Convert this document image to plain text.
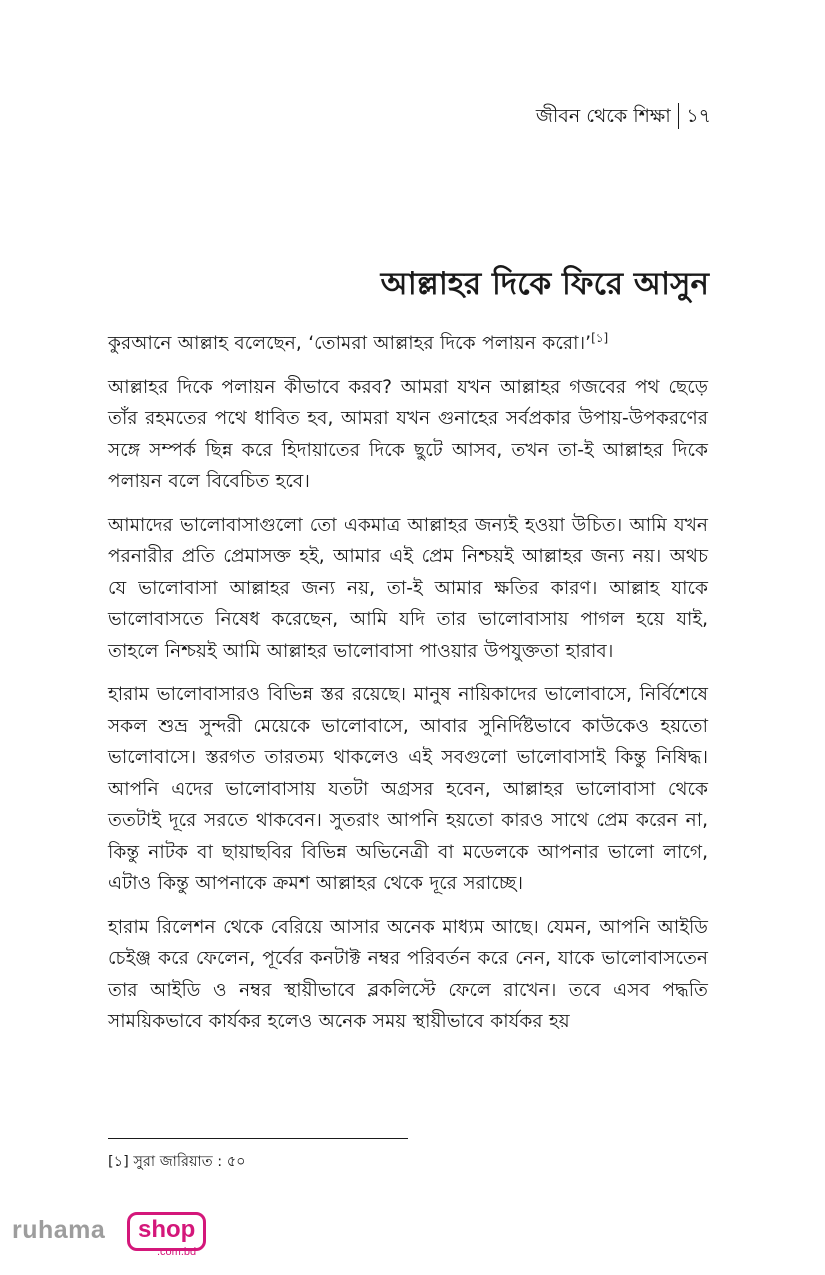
জীবন থেকে শিক্ষা ১৭
আল্লাহর দিকে ফিরে আসুন

কুরআনে আল্লাহ বলেছেন, ‘তোমরা আল্লাহর দিকে পলায়ন করো।’[১]

আল্লাহর দিকে পলায়ন কীভাবে করব? আমরা যখন আল্লাহর গজবের পথ ছেড়ে তাঁর রহমতের পথে ধাবিত হব, আমরা যখন গুনাহের সর্বপ্রকার উপায়-উপকরণের সঙ্গে সম্পর্ক ছিন্ন করে হিদায়াতের দিকে ছুটে আসব, তখন তা-ই আল্লাহর দিকে পলায়ন বলে বিবেচিত হবে।

আমাদের ভালোবাসাগুলো তো একমাত্র আল্লাহর জন্যই হওয়া উচিত। আমি যখন পরনারীর প্রতি প্রেমাসক্ত হই, আমার এই প্রেম নিশ্চয়ই আল্লাহর জন্য নয়। অথচ যে ভালোবাসা আল্লাহর জন্য নয়, তা-ই আমার ক্ষতির কারণ। আল্লাহ যাকে ভালোবাসতে নিষেধ করেছেন, আমি যদি তার ভালোবাসায় পাগল হয়ে যাই, তাহলে নিশ্চয়ই আমি আল্লাহর ভালোবাসা পাওয়ার উপযুক্ততা হারাব।

হারাম ভালোবাসারও বিভিন্ন স্তর রয়েছে। মানুষ নায়িকাদের ভালোবাসে, নির্বিশেষে সকল শুভ্র সুন্দরী মেয়েকে ভালোবাসে, আবার সুনির্দিষ্টভাবে কাউকেও হয়তো ভালোবাসে। স্তরগত তারতম্য থাকলেও এই সবগুলো ভালোবাসাই কিন্তু নিষিদ্ধ। আপনি এদের ভালোবাসায় যতটা অগ্রসর হবেন, আল্লাহর ভালোবাসা থেকে ততটাই দূরে সরতে থাকবেন। সুতরাং আপনি হয়তো কারও সাথে প্রেম করেন না, কিন্তু নাটক বা ছায়াছবির বিভিন্ন অভিনেত্রী বা মডেলকে আপনার ভালো লাগে, এটাও কিন্তু আপনাকে ক্রমশ আল্লাহর থেকে দূরে সরাচ্ছে।

হারাম রিলেশন থেকে বেরিয়ে আসার অনেক মাধ্যম আছে। যেমন, আপনি আইডি চেইঞ্জ করে ফেলেন, পূর্বের কনটাক্ট নম্বর পরিবর্তন করে নেন, যাকে ভালোবাসতেন তার আইডি ও নম্বর স্থায়ীভাবে ব্লকলিস্টে ফেলে রাখেন। তবে এসব পদ্ধতি সাময়িকভাবে কার্যকর হলেও অনেক সময় স্থায়ীভাবে কার্যকর হয়

[১] সুরা জারিয়াত : ৫০
ruhama	shop
.com.bd
